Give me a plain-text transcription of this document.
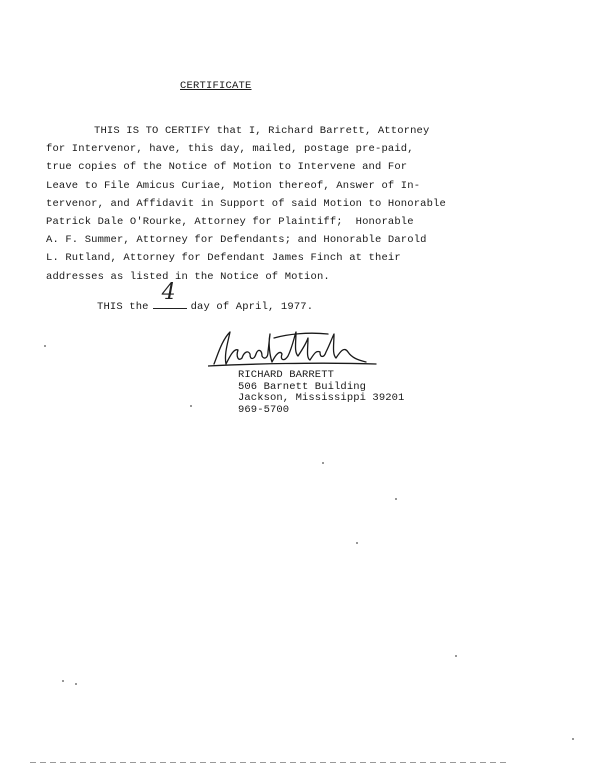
CERTIFICATE
THIS IS TO CERTIFY that I, Richard Barrett, Attorney
for Intervenor, have, this day, mailed, postage pre-paid,
true copies of the Notice of Motion to Intervene and For
Leave to File Amicus Curiae, Motion thereof, Answer of In-
tervenor, and Affidavit in Support of said Motion to Honorable
Patrick Dale O'Rourke, Attorney for Plaintiff;  Honorable
A. F. Summer, Attorney for Defendants; and Honorable Darold
L. Rutland, Attorney for Defendant James Finch at their
addresses as listed in the Notice of Motion.
THIS the
4
day of April, 1977.
RICHARD BARRETT
506 Barnett Building
Jackson, Mississippi 39201
969-5700
